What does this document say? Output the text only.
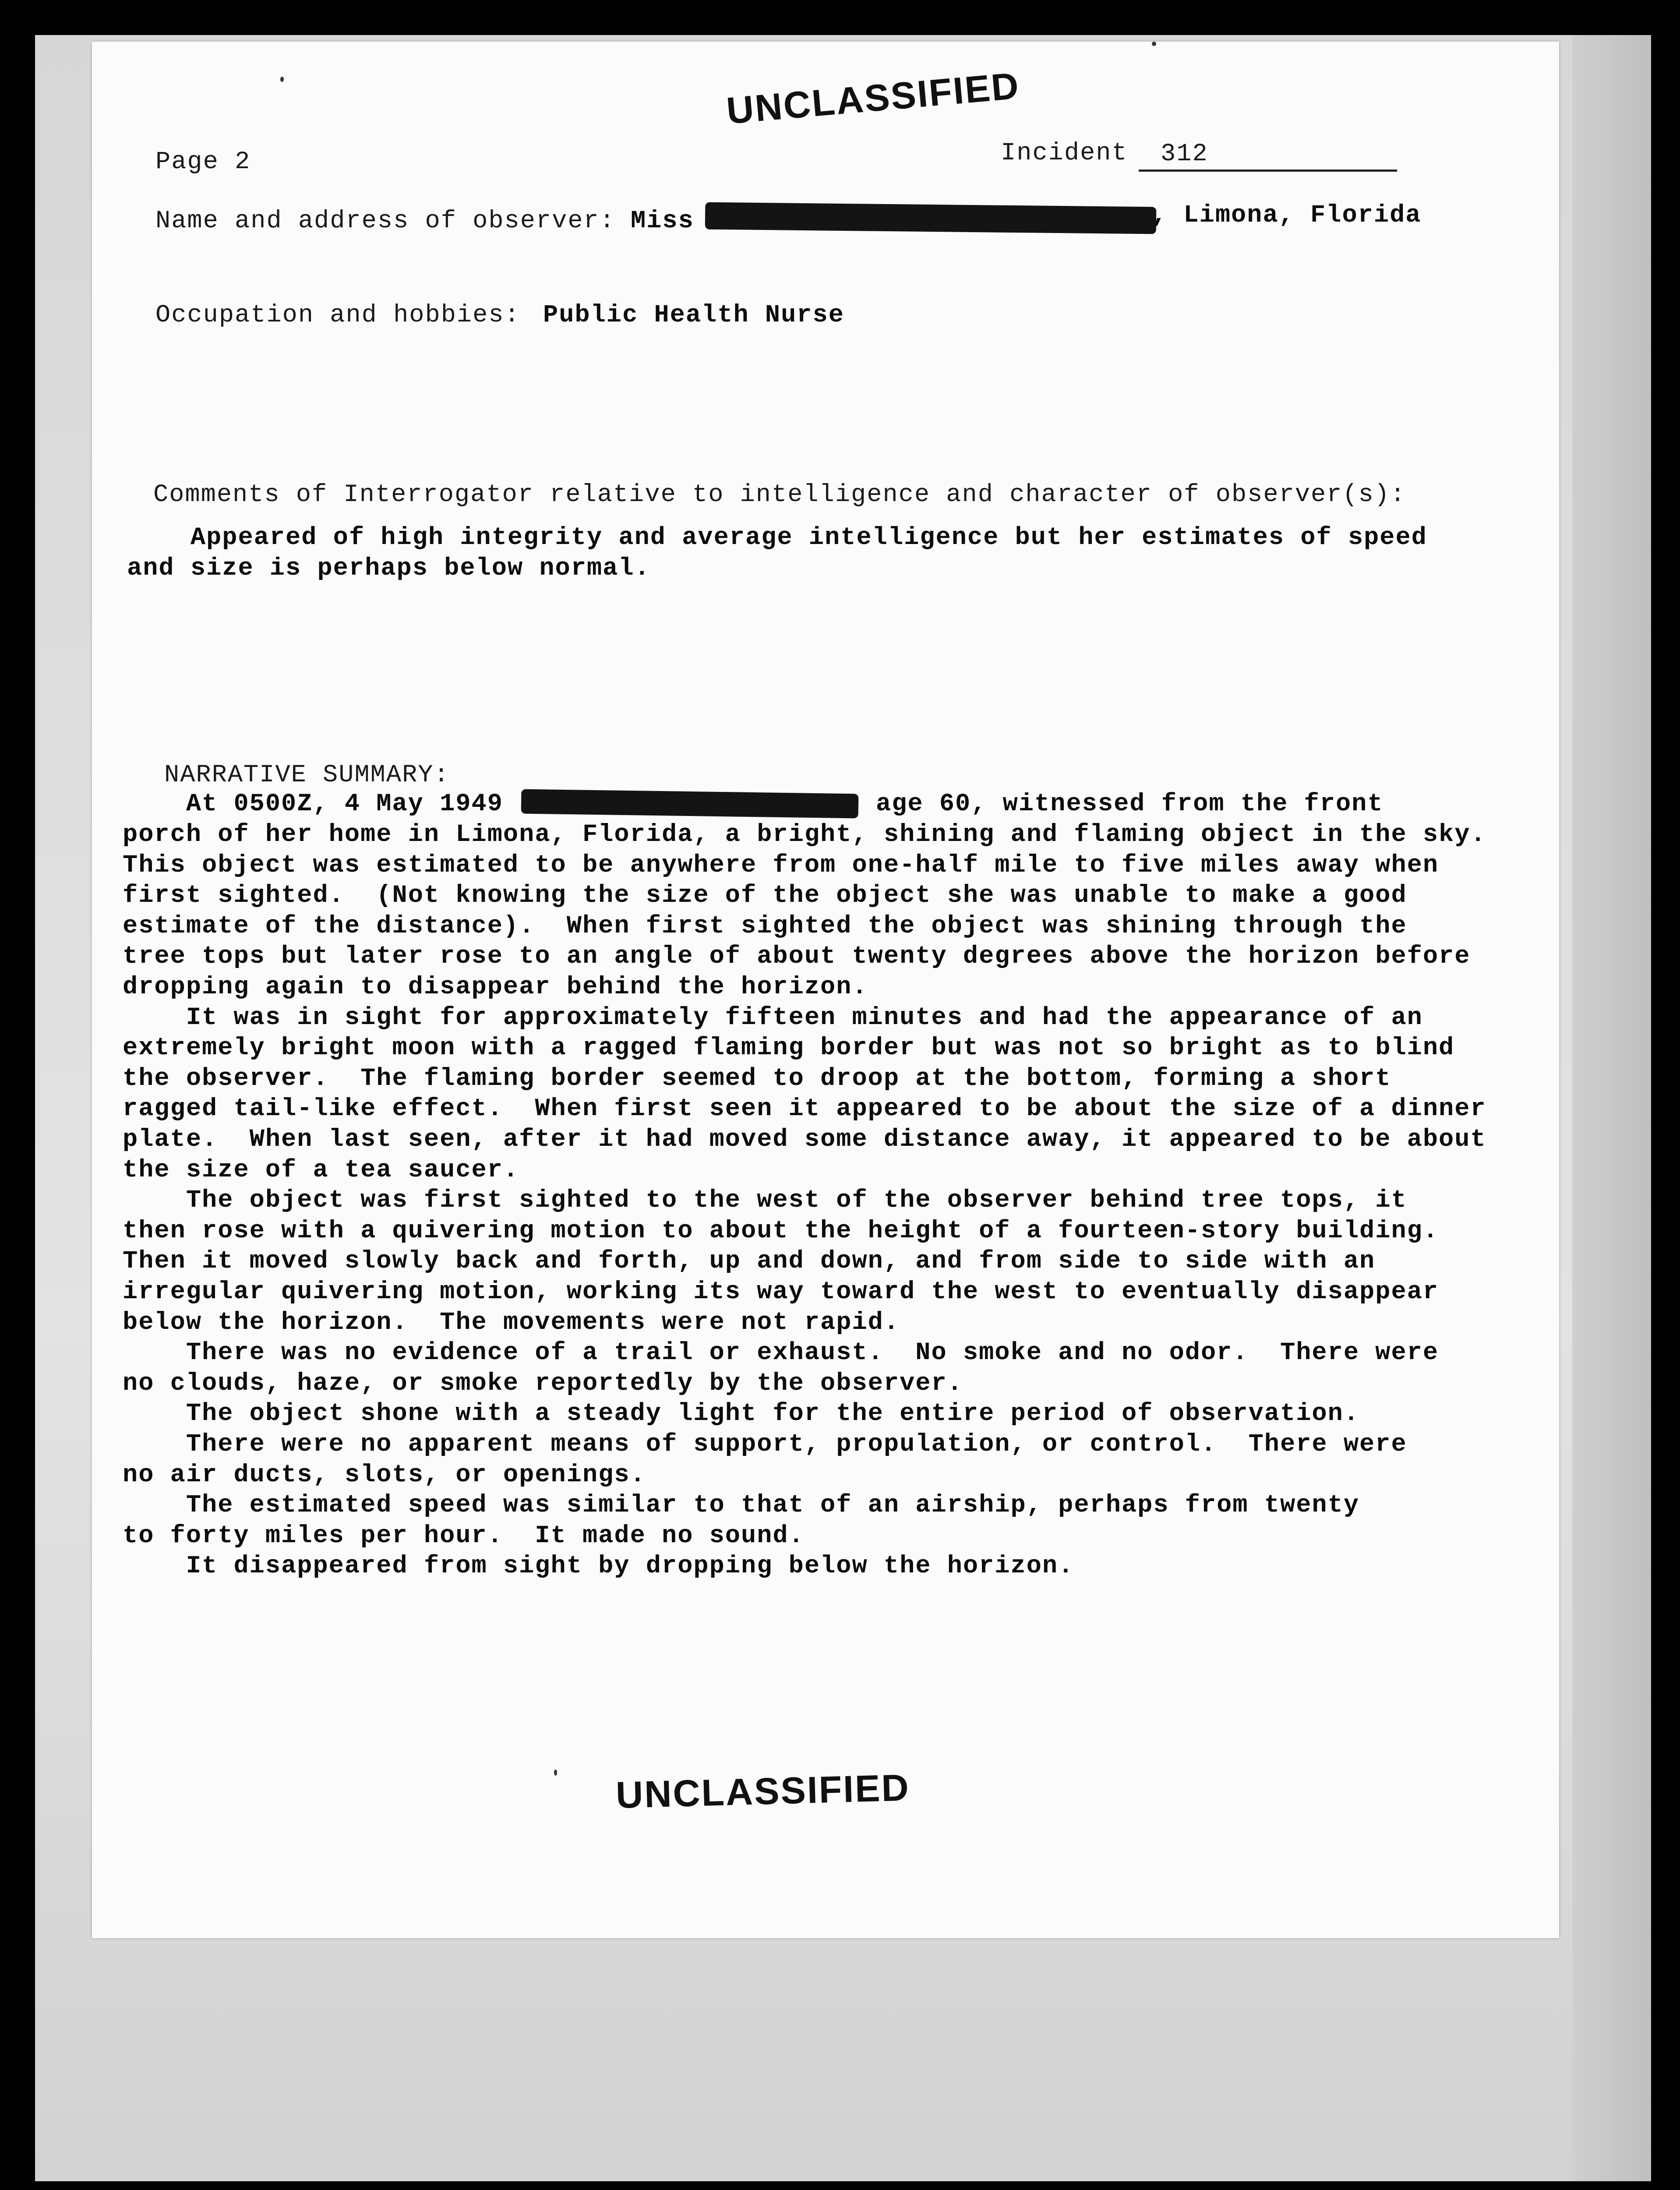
UNCLASSIFIED
Page 2	Incident 312
Name and address of observer: Miss	, Limona, Florida
Occupation and hobbies: Public Health Nurse
Comments of Interrogator relative to intelligence and character of observer(s):
Appeared of high integrity and average intelligence but her estimates of speed
and size is perhaps below normal.
NARRATIVE SUMMARY:
At 0500Z, 4 May 1949	age 60, witnessed from the front
porch of her home in Limona, Florida, a bright, shining and flaming object in the sky.
This object was estimated to be anywhere from one-half mile to five miles away when
first sighted.  (Not knowing the size of the object she was unable to make a good
estimate of the distance).  When first sighted the object was shining through the
tree tops but later rose to an angle of about twenty degrees above the horizon before
dropping again to disappear behind the horizon.
It was in sight for approximately fifteen minutes and had the appearance of an
extremely bright moon with a ragged flaming border but was not so bright as to blind
the observer.  The flaming border seemed to droop at the bottom, forming a short
ragged tail-like effect.  When first seen it appeared to be about the size of a dinner
plate.  When last seen, after it had moved some distance away, it appeared to be about
the size of a tea saucer.
The object was first sighted to the west of the observer behind tree tops, it
then rose with a quivering motion to about the height of a fourteen-story building.
Then it moved slowly back and forth, up and down, and from side to side with an
irregular quivering motion, working its way toward the west to eventually disappear
below the horizon.  The movements were not rapid.
There was no evidence of a trail or exhaust.  No smoke and no odor.  There were
no clouds, haze, or smoke reportedly by the observer.
The object shone with a steady light for the entire period of observation.
There were no apparent means of support, propulation, or control.  There were
no air ducts, slots, or openings.
The estimated speed was similar to that of an airship, perhaps from twenty
to forty miles per hour.  It made no sound.
It disappeared from sight by dropping below the horizon.
UNCLASSIFIED
